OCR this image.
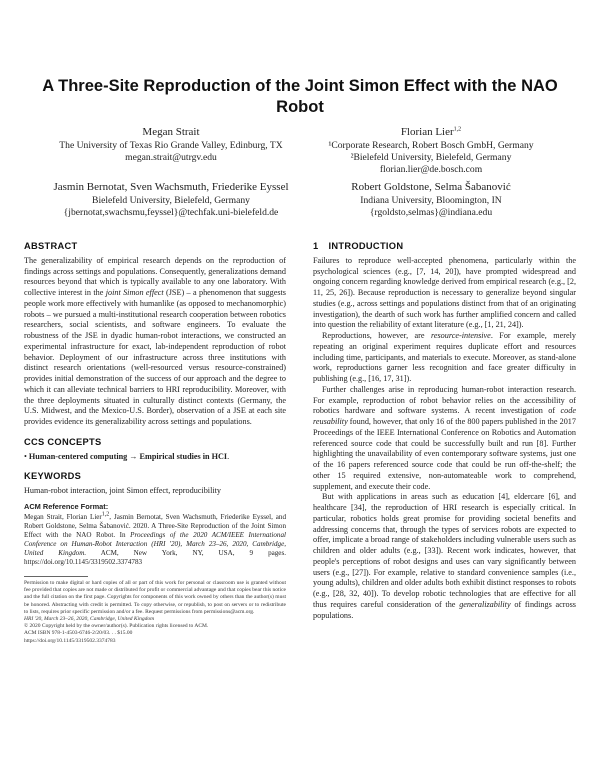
A Three-Site Reproduction of the Joint Simon Effect with the NAO Robot
Megan Strait
The University of Texas Rio Grande Valley, Edinburg, TX
megan.strait@utrgv.edu
Florian Lier$^{1,2}$
¹Corporate Research, Robert Bosch GmbH, Germany
²Bielefeld University, Bielefeld, Germany
florian.lier@de.bosch.com
Jasmin Bernotat, Sven Wachsmuth, Friederike Eyssel
Bielefeld University, Bielefeld, Germany
{jbernotat,swachsmu,feyssel}@techfak.uni-bielefeld.de
Robert Goldstone, Selma Šabanović
Indiana University, Bloomington, IN
{rgoldsto,selmas}@indiana.edu
ABSTRACT

The generalizability of empirical research depends on the reproduction of findings across settings and populations. Consequently, generalizations demand resources beyond that which is typically available to any one laboratory. With collective interest in the joint Simon effect (JSE) – a phenomenon that suggests people work more effectively with humanlike (as opposed to mechanomorphic) robots – we pursued a multi-institutional research cooperation between robotics researchers, social scientists, and software engineers. To evaluate the robustness of the JSE in dyadic human-robot interactions, we constructed an experimental infrastructure for exact, lab-independent reproduction of robot behavior. Deployment of our infrastructure across three institutions with distinct research orientations (well-resourced versus resource-constrained) provides initial demonstration of the success of our approach and the degree to which it can alleviate technical barriers to HRI reproducibility. Moreover, with the three deployments situated in culturally distinct contexts (Germany, the U.S. Midwest, and the Mexico-U.S. Border), observation of a JSE at each site provides evidence its generalizability across settings and populations.

CCS CONCEPTS

• Human-centered computing → Empirical studies in HCI.

KEYWORDS

Human-robot interaction, joint Simon effect, reproducibility

ACM Reference Format:

Megan Strait, Florian Lier$^{1,2}$, Jasmin Bernotat, Sven Wachsmuth, Friederike Eyssel, and Robert Goldstone, Selma Šabanović. 2020. A Three-Site Reproduction of the Joint Simon Effect with the NAO Robot. In Proceedings of the 2020 ACM/IEEE International Conference on Human-Robot Interaction (HRI '20), March 23–26, 2020, Cambridge, United Kingdom. ACM, New York, NY, USA, 9 pages. https://doi.org/10.1145/3319502.3374783

Permission to make digital or hard copies of all or part of this work for personal or classroom use is granted without fee provided that copies are not made or distributed for profit or commercial advantage and that copies bear this notice and the full citation on the first page. Copyrights for components of this work owned by others than the author(s) must be honored. Abstracting with credit is permitted. To copy otherwise, or republish, to post on servers or to redistribute to lists, requires prior specific permission and/or a fee. Request permissions from permissions@acm.org.

HRI '20, March 23–26, 2020, Cambridge, United Kingdom

© 2020 Copyright held by the owner/author(s). Publication rights licensed to ACM.

ACM ISBN 978-1-4503-6746-2/20/03. . . $15.00

https://doi.org/10.1145/3319502.3374783

1 INTRODUCTION

Failures to reproduce well-accepted phenomena, particularly within the psychological sciences (e.g., [7, 14, 20]), have prompted widespread and ongoing concern regarding knowledge derived from empirical research (e.g., [2, 11, 25, 26]). Because reproduction is necessary to generalize beyond singular studies (e.g., across settings and populations distinct from that of an originating investigation), the dearth of such work has further amplified concern and called into question the reliability of extant literature (e.g., [1, 21, 24]).

Reproductions, however, are resource-intensive. For example, merely repeating an original experiment requires duplicate effort and resources including time, participants, and materials to execute. Moreover, as stand-alone work, reproductions garner less recognition and face greater difficulty in publishing (e.g., [16, 17, 31]).

Further challenges arise in reproducing human-robot interaction research. For example, reproduction of robot behavior relies on the accessibility of robotics hardware and software systems. A recent investigation of code reusability found, however, that only 16 of the 800 papers published in the 2017 Proceedings of the IEEE International Conference on Robotics and Automation referenced source code that could be successfully built and run [8]. Further highlighting the unavailability of even contemporary software systems, just one of the 16 papers referenced source code that could be run off-the-shelf; the other 15 required extensive, non-automateable work to comprehend, supplement, and execute their code.

But with applications in areas such as education [4], eldercare [6], and healthcare [34], the reproduction of HRI research is especially critical. In particular, robotics holds great promise for providing societal benefits and addressing concerns that, through the types of services robots are expected to offer, implicate a broad range of stakeholders including vulnerable users such as children and older adults (e.g., [33]). Recent work indicates, however, that people's perceptions of robot designs and uses can vary significantly between users (e.g., [27]). For example, relative to standard convenience samples (i.e., young adults), children and older adults both exhibit distinct responses to robots (e.g., [28, 32, 40]). To develop robotic technologies that are effective for all thus requires careful consideration of the generalizability of findings across populations.
